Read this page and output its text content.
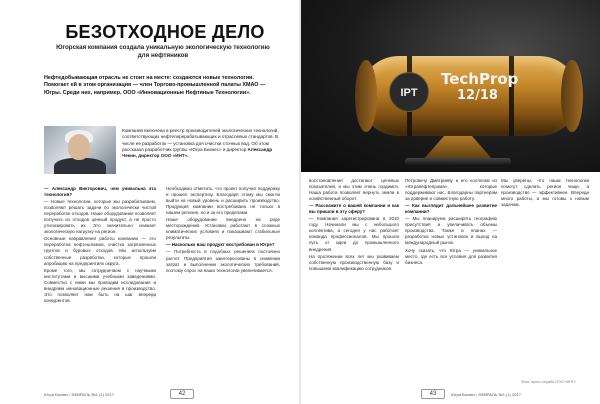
БЕЗОТХОДНОЕ ДЕЛО
Югорская компания создала уникальную экологическую технологию для нефтяников
Нефтедобывающая отрасль не стоит на месте: создаются новые технологии. Помогает ей в этом организация — член Торгово-промышленной палаты ХМАО — Югры. Среди них, например, ООО «Инновационные Нефтяные Технологии».
Компания включена в реестр производителей экологических технологий, соответствующих нефтеперерабатывающих и отраслевых стандартов. В числе ее разработок — установка для очистки сточных вод. Об этом рассказал разработчик группы «Югра Бизнес» и директор Александр Чекин, директор ООО «ИНТ».

— Александр Викторович, чем уникальна эта технология?

— Новые технологии, которые мы разрабатываем, позволяют решать задачи по экологически чистой переработке отходов. Наше оборудование позволяет получать из отходов ценный продукт, а не просто утилизировать их. Это значительно снижает экологическую нагрузку на регион.

Основные направления работы компании — это переработка нефтешламов, очистка загрязненных грунтов и буровых отходов. Мы используем собственные разработки, которые прошли апробацию на предприятиях округа.

Кроме того, мы сотрудничаем с научными институтами и высшими учебными заведениями. Совместно с ними мы проводим исследования и внедряем инновационные решения в производство. Это позволяет нам быть на шаг впереди конкурентов.

Необходимо отметить, что проект получил поддержку и прошел экспертизу. Благодаря этому мы смогли выйти на новый уровень и расширить производство. Продукция компании востребована не только в нашем регионе, но и за его пределами.

Наше оборудование внедрено на ряде месторождений. Установки работают в сложных климатических условиях и показывают стабильные результаты.

— Насколько ваш продукт востребован в Югре?

— Потребность в подобных решениях постоянно растет. Предприятия заинтересованы в снижении затрат и выполнении экологических требований, поэтому спрос на наши технологии увеличивается.

Югра Бизнес / ФЕВРАЛЬ №1 (1) 2017	42
IPT
TechProp
12/18

восстановления достигают целевых показателей, и мы этим очень гордимся. Наша работа позволяет вернуть земли в хозяйственный оборот.

— Расскажите о вашей компании и как вы пришли в эту сферу?

— Компания зарегистрирована в 2010 году. Начинали мы с небольшого коллектива, а сегодня у нас работает команда профессионалов. Мы прошли путь от идеи до промышленного внедрения.

На протяжении всех лет мы развиваем собственную производственную базу и повышаем квалификацию сотрудников.

Петровичу Дмитриеву и его коллегам из «Югранефтепрома», которые поддерживают нас. Благодарны партнерам за доверие и совместную работу.

— Как выглядит дальнейшее развитие компании?

— Мы планируем расширять географию присутствия и увеличивать объемы производства. Также в планах — разработка новых установок и выход на международный рынок.

Хочу сказать, что Югра — уникальное место, где есть все условия для развития бизнеса.

Мы уверены, что наши технологии помогут сделать регион чище, а производство — эффективнее. Впереди много работы, и мы готовы к новым задачам.

Фото: пресс-служба ООО «ИНТ»
43	Югра Бизнес / ФЕВРАЛЬ №1 (1) 2017
